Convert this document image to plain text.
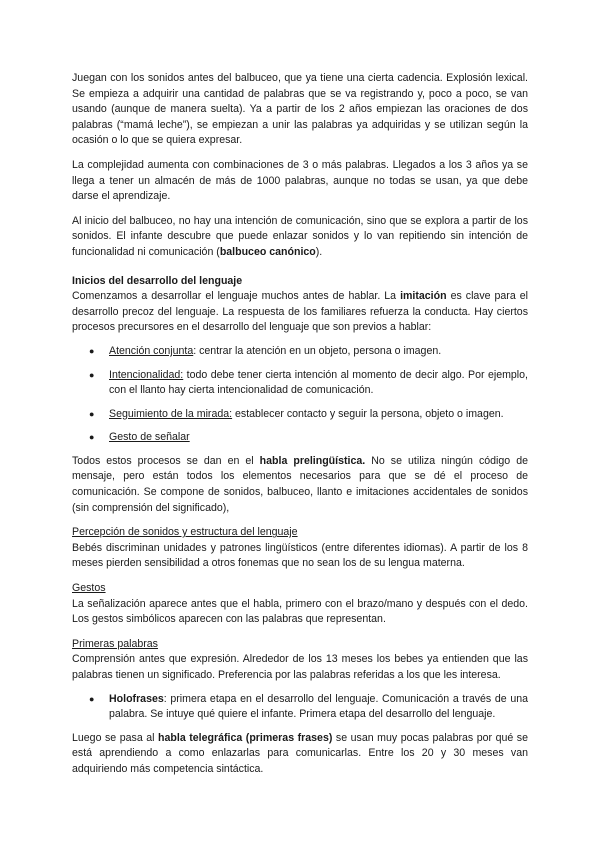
Juegan con los sonidos antes del balbuceo, que ya tiene una cierta cadencia. Explosión lexical. Se empieza a adquirir una cantidad de palabras que se va registrando y, poco a poco, se van usando (aunque de manera suelta). Ya a partir de los 2 años empiezan las oraciones de dos palabras (“mamá leche”), se empiezan a unir las palabras ya adquiridas y se utilizan según la ocasión o lo que se quiera expresar.

La complejidad aumenta con combinaciones de 3 o más palabras. Llegados a los 3 años ya se llega a tener un almacén de más de 1000 palabras, aunque no todas se usan, ya que debe darse el aprendizaje.

Al inicio del balbuceo, no hay una intención de comunicación, sino que se explora a partir de los sonidos. El infante descubre que puede enlazar sonidos y lo van repitiendo sin intención de funcionalidad ni comunicación (balbuceo canónico).

Inicios del desarrollo del lenguaje

Comenzamos a desarrollar el lenguaje muchos antes de hablar. La imitación es clave para el desarrollo precoz del lenguaje. La respuesta de los familiares refuerza la conducta. Hay ciertos procesos precursores en el desarrollo del lenguaje que son previos a hablar:

● Atención conjunta: centrar la atención en un objeto, persona o imagen.
● Intencionalidad: todo debe tener cierta intención al momento de decir algo. Por ejemplo, con el llanto hay cierta intencionalidad de comunicación.
● Seguimiento de la mirada: establecer contacto y seguir la persona, objeto o imagen.
● Gesto de señalar

Todos estos procesos se dan en el habla prelingüística. No se utiliza ningún código de mensaje, pero están todos los elementos necesarios para que se dé el proceso de comunicación. Se compone de sonidos, balbuceo, llanto e imitaciones accidentales de sonidos (sin comprensión del significado),

Percepción de sonidos y estructura del lenguaje

Bebés discriminan unidades y patrones lingüísticos (entre diferentes idiomas). A partir de los 8 meses pierden sensibilidad a otros fonemas que no sean los de su lengua materna.

Gestos

La señalización aparece antes que el habla, primero con el brazo/mano y después con el dedo. Los gestos simbólicos aparecen con las palabras que representan.

Primeras palabras

Comprensión antes que expresión. Alrededor de los 13 meses los bebes ya entienden que las palabras tienen un significado. Preferencia por las palabras referidas a los que les interesa.

● Holofrases: primera etapa en el desarrollo del lenguaje. Comunicación a través de una palabra. Se intuye qué quiere el infante. Primera etapa del desarrollo del lenguaje.

Luego se pasa al habla telegráfica (primeras frases) se usan muy pocas palabras por qué se está aprendiendo a como enlazarlas para comunicarlas. Entre los 20 y 30 meses van adquiriendo más competencia sintáctica.
